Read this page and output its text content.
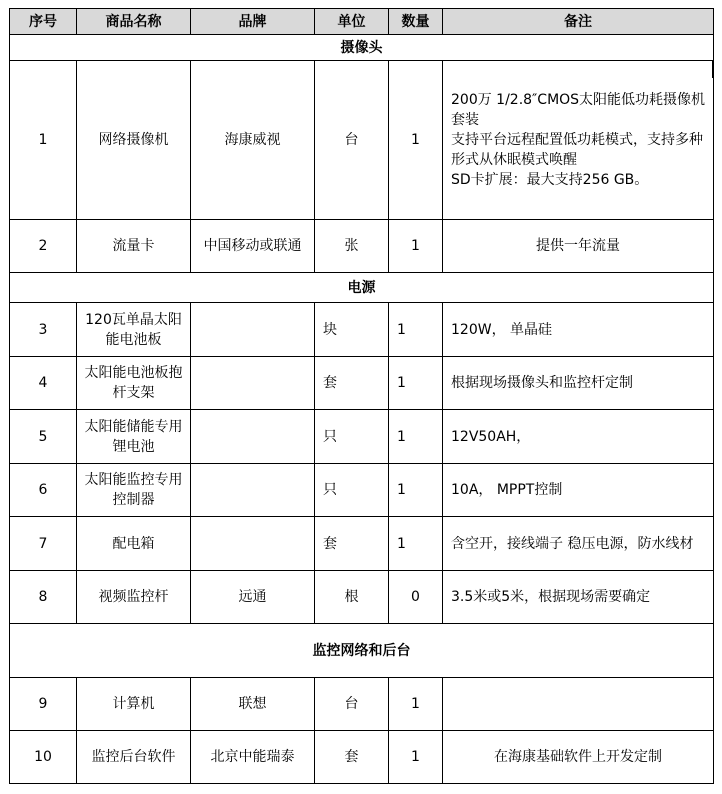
序号	商品名称	品牌	单位	数量	备注
摄像头					
1	网络摄像机	海康威视	台	1	200万 1/2.8″CMOS太阳能低功耗摄像机套装
支持平台远程配置低功耗模式，支持多种形式从休眠模式唤醒
SD卡扩展：最大支持256 GB。

2	流量卡	中国移动或联通	张	1	提供一年流量
电源					
3	120瓦单晶太阳能电池板		块	1	120W， 单晶硅
4	太阳能电池板抱杆支架		套	1	根据现场摄像头和监控杆定制
5	太阳能储能专用锂电池		只	1	12V50AH，
6	太阳能监控专用控制器		只	1	10A， MPPT控制
7	配电箱		套	1	含空开，接线端子 稳压电源，防水线材
8	视频监控杆	远通	根	0	3.5米或5米，根据现场需要确定
监控网络和后台					
9	计算机	联想	台	1	
10	监控后台软件	北京中能瑞泰	套	1	在海康基础软件上开发定制
